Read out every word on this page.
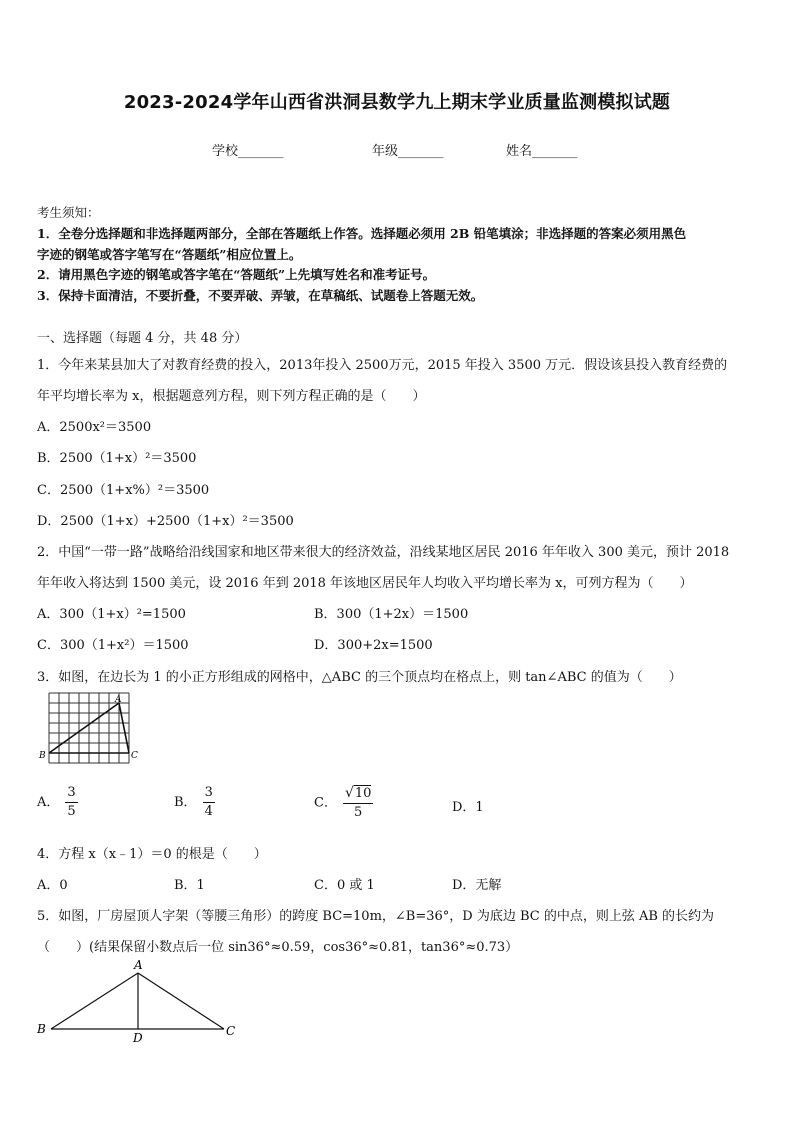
2023-2024学年山西省洪洞县数学九上期末学业质量监测模拟试题
学校_______	年级_______	姓名_______
考生须知：
1．全卷分选择题和非选择题两部分，全部在答题纸上作答。选择题必须用 2B 铅笔填涂；非选择题的答案必须用黑色
字迹的钢笔或答字笔写在“答题纸”相应位置上。
2．请用黑色字迹的钢笔或答字笔在“答题纸”上先填写姓名和准考证号。
3．保持卡面清洁，不要折叠，不要弄破、弄皱，在草稿纸、试题卷上答题无效。
一、选择题（每题 4 分，共 48 分）
1．今年来某县加大了对教育经费的投入，2013年投入 2500万元，2015 年投入 3500 万元．假设该县投入教育经费的
年平均增长率为 x，根据题意列方程，则下列方程正确的是（　　）
A．2500x²＝3500
B．2500（1+x）²＝3500
C．2500（1+x%）²＝3500
D．2500（1+x）+2500（1+x）²＝3500
2．中国“一带一路”战略给沿线国家和地区带来很大的经济效益，沿线某地区居民 2016 年年收入 300 美元，预计 2018
年年收入将达到 1500 美元，设 2016 年到 2018 年该地区居民年人均收入平均增长率为 x，可列方程为（　　）
A．300（1+x）²=1500	B．300（1+2x）＝1500
C．300（1+x²）＝1500	D．300+2x=1500
3．如图，在边长为 1 的小正方形组成的网格中，△ABC 的三个顶点均在格点上，则 tan∠ABC 的值为（　　）
A
B	C
A． $\frac{3}{5}$	B． $\frac{3}{4}$	C． $\frac{√10}{5}$	D．1
4．方程 x（x﹣1）＝0 的根是（　　）
A．0	B．1	C．0 或 1	D．无解
5．如图，厂房屋顶人字架（等腰三角形）的跨度 BC=10m，∠B=36°，D 为底边 BC 的中点，则上弦 AB 的长约为
（　　）(结果保留小数点后一位 sin36°≈0.59，cos36°≈0.81，tan36°≈0.73）
A
B	C
D
